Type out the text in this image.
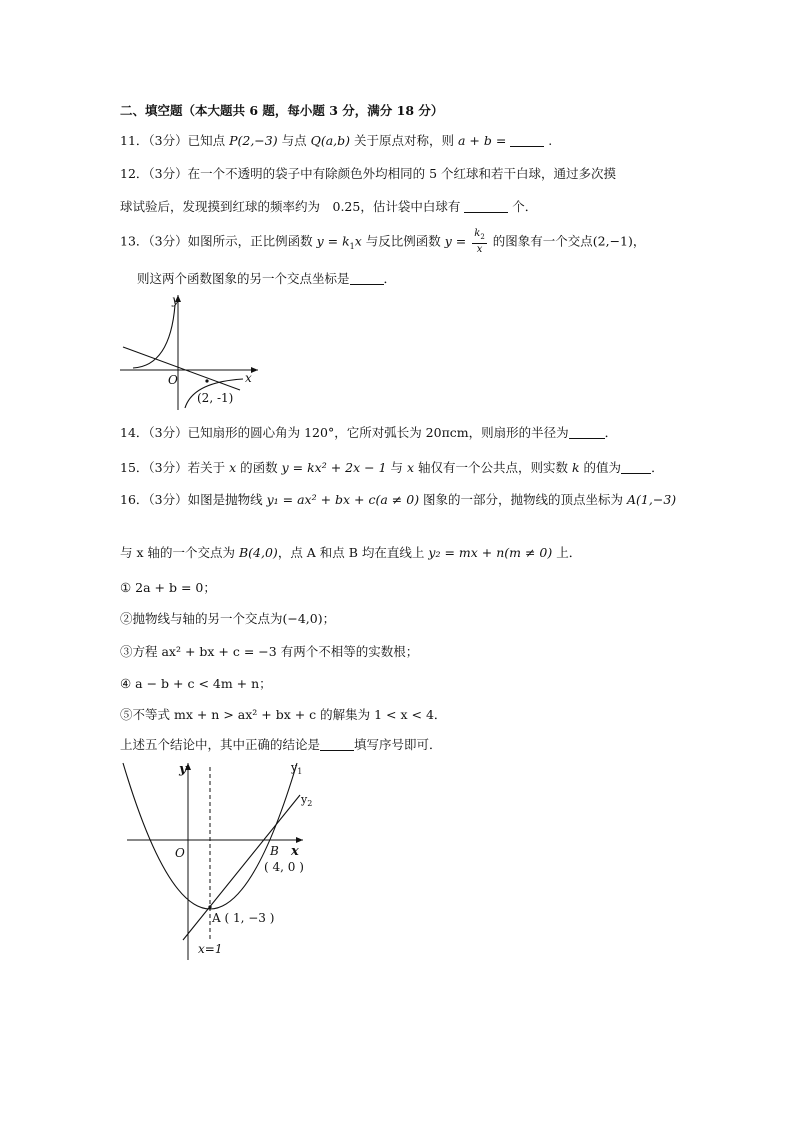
二、填空题（本大题共 6 题，每小题 3 分，满分 18 分）
11．（3分）已知点 P(2,−3) 与点 Q(a,b) 关于原点对称，则 a + b =	.
12．（3分）在一个不透明的袋子中有除颜色外均相同的 5 个红球和若干白球，通过多次摸
球试验后，发现摸到红球的频率约为　0.25，估计袋中白球有	个．
13．（3分）如图所示，正比例函数 $y = k_1x$ 与反比例函数 $y = \frac{k_2}{x}$ 的图象有一个交点(2,−1)，
则这两个函数图象的另一个交点坐标是	．
y
x
O
(2, -1)
14．（3分）已知扇形的圆心角为 120°，它所对弧长为 20πcm，则扇形的半径为	．
15．（3分）若关于 x 的函数 y = kx² + 2x − 1 与 x 轴仅有一个公共点，则实数 k 的值为 ．
16．（3分）如图是抛物线 y₁ = ax² + bx + c(a ≠ 0) 图象的一部分，抛物线的顶点坐标为 A(1,−3)
与 x 轴的一个交点为 B(4,0)，点 A 和点 B 均在直线上 y₂ = mx + n(m ≠ 0) 上．
① 2a + b = 0；
②抛物线与轴的另一个交点为(−4,0)；
③方程 ax² + bx + c = −3 有两个不相等的实数根；
④ a − b + c < 4m + n；
⑤不等式 mx + n > ax² + bx + c 的解集为 1 < x < 4．
上述五个结论中，其中正确的结论是	填写序号即可．
y
x
O
$y_1$
$y_2$
B
( 4, 0 )
A ( 1, −3 )
x=1
